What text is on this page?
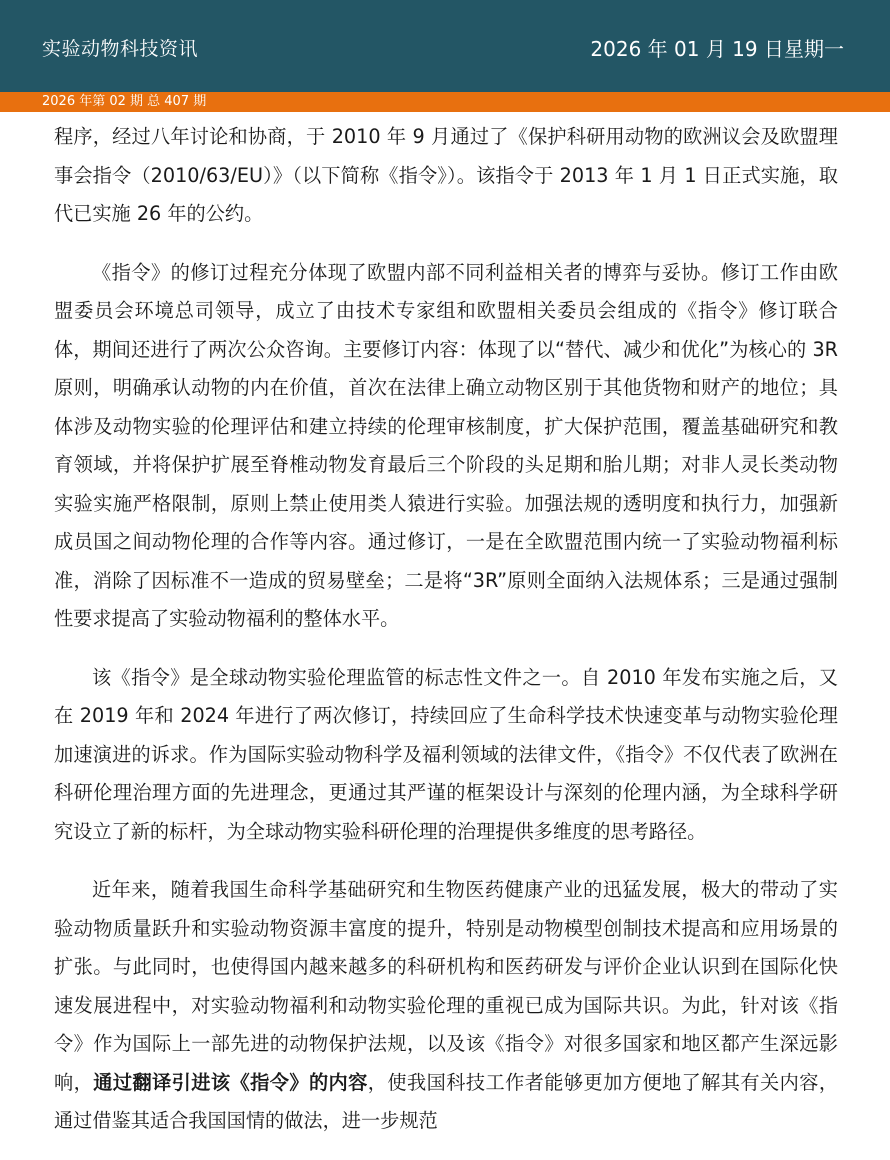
实验动物科技资讯	2026 年 01 月 19 日星期一
2026 年第 02 期 总 407 期

程序，经过八年讨论和协商，于 2010 年 9 月通过了《保护科研用动物的欧洲议会及欧盟理事会指令（2010/63/EU）》（以下简称《指令》）。该指令于 2013 年 1 月 1 日正式实施，取代已实施 26 年的公约。

《指令》的修订过程充分体现了欧盟内部不同利益相关者的博弈与妥协。修订工作由欧盟委员会环境总司领导，成立了由技术专家组和欧盟相关委员会组成的《指令》修订联合体，期间还进行了两次公众咨询。主要修订内容：体现了以“替代、减少和优化”为核心的 3R 原则，明确承认动物的内在价值，首次在法律上确立动物区别于其他货物和财产的地位；具体涉及动物实验的伦理评估和建立持续的伦理审核制度，扩大保护范围，覆盖基础研究和教育领域，并将保护扩展至脊椎动物发育最后三个阶段的头足期和胎儿期；对非人灵长类动物实验实施严格限制，原则上禁止使用类人猿进行实验。加强法规的透明度和执行力，加强新成员国之间动物伦理的合作等内容。通过修订，一是在全欧盟范围内统一了实验动物福利标准，消除了因标准不一造成的贸易壁垒；二是将“3R”原则全面纳入法规体系；三是通过强制性要求提高了实验动物福利的整体水平。

该《指令》是全球动物实验伦理监管的标志性文件之一。自 2010 年发布实施之后，又在 2019 年和 2024 年进行了两次修订，持续回应了生命科学技术快速变革与动物实验伦理加速演进的诉求。作为国际实验动物科学及福利领域的法律文件，《指令》不仅代表了欧洲在科研伦理治理方面的先进理念，更通过其严谨的框架设计与深刻的伦理内涵，为全球科学研究设立了新的标杆，为全球动物实验科研伦理的治理提供多维度的思考路径。

近年来，随着我国生命科学基础研究和生物医药健康产业的迅猛发展，极大的带动了实验动物质量跃升和实验动物资源丰富度的提升，特别是动物模型创制技术提高和应用场景的扩张。与此同时，也使得国内越来越多的科研机构和医药研发与评价企业认识到在国际化快速发展进程中，对实验动物福利和动物实验伦理的重视已成为国际共识。为此，针对该《指令》作为国际上一部先进的动物保护法规，以及该《指令》对很多国家和地区都产生深远影响，通过翻译引进该《指令》的内容，使我国科技工作者能够更加方便地了解其有关内容，通过借鉴其适合我国国情的做法，进一步规范
